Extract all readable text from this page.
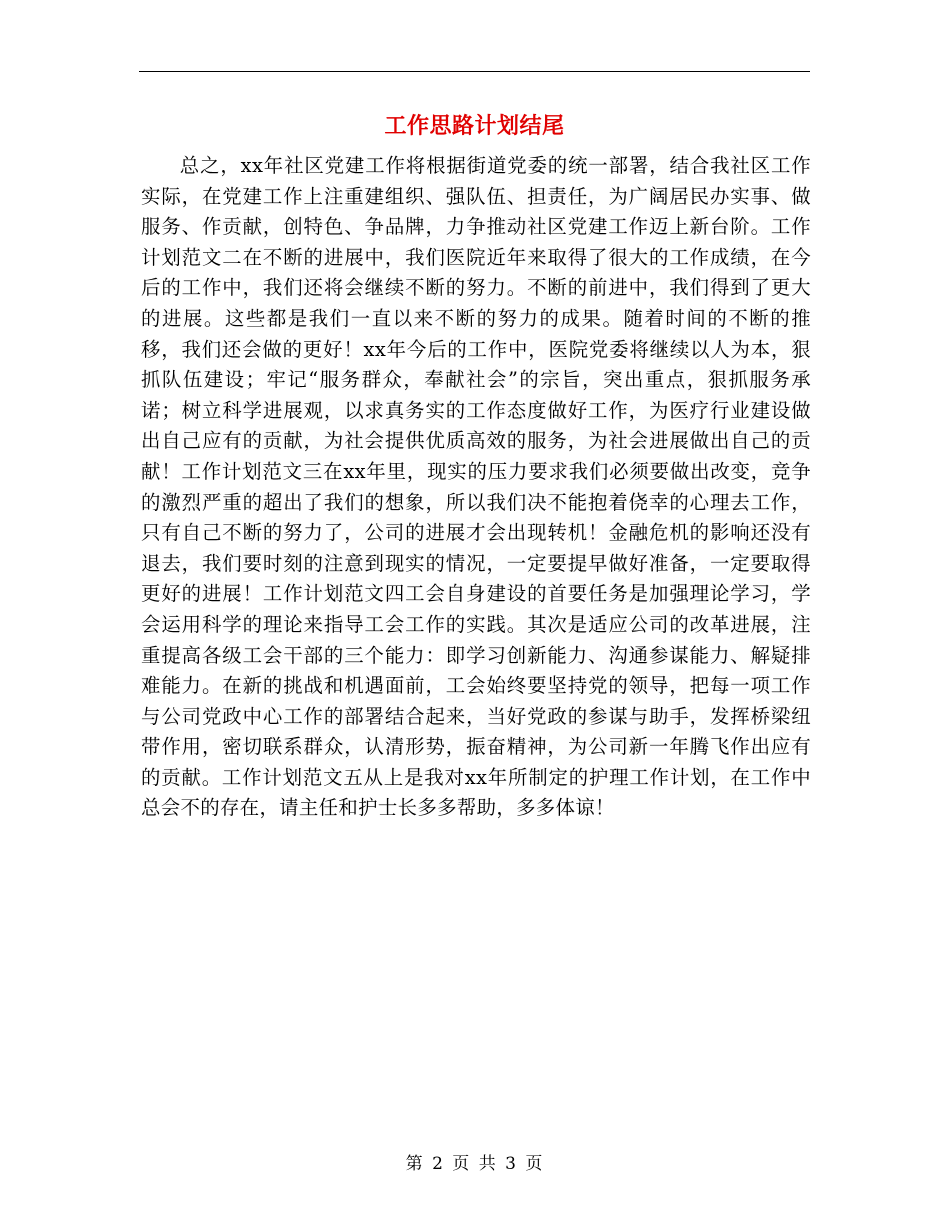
工作思路计划结尾

总之，xx年社区党建工作将根据街道党委的统一部署，结合我社区工作实际，在党建工作上注重建组织、强队伍、担责任，为广阔居民办实事、做服务、作贡献，创特色、争品牌，力争推动社区党建工作迈上新台阶。工作计划范文二在不断的进展中，我们医院近年来取得了很大的工作成绩，在今后的工作中，我们还将会继续不断的努力。不断的前进中，我们得到了更大的进展。这些都是我们一直以来不断的努力的成果。随着时间的不断的推移，我们还会做的更好！xx年今后的工作中，医院党委将继续以人为本，狠抓队伍建设；牢记“服务群众，奉献社会”的宗旨，突出重点，狠抓服务承诺；树立科学进展观，以求真务实的工作态度做好工作，为医疗行业建设做出自己应有的贡献，为社会提供优质高效的服务，为社会进展做出自己的贡献！工作计划范文三在xx年里，现实的压力要求我们必须要做出改变，竞争的激烈严重的超出了我们的想象，所以我们决不能抱着侥幸的心理去工作，只有自己不断的努力了，公司的进展才会出现转机！金融危机的影响还没有退去，我们要时刻的注意到现实的情况，一定要提早做好准备，一定要取得更好的进展！工作计划范文四工会自身建设的首要任务是加强理论学习，学会运用科学的理论来指导工会工作的实践。其次是适应公司的改革进展，注重提高各级工会干部的三个能力：即学习创新能力、沟通参谋能力、解疑排难能力。在新的挑战和机遇面前，工会始终要坚持党的领导，把每一项工作与公司党政中心工作的部署结合起来，当好党政的参谋与助手，发挥桥梁纽带作用，密切联系群众，认清形势，振奋精神，为公司新一年腾飞作出应有的贡献。工作计划范文五从上是我对xx年所制定的护理工作计划，在工作中总会不的存在，请主任和护士长多多帮助，多多体谅！

第 2 页 共 3 页
